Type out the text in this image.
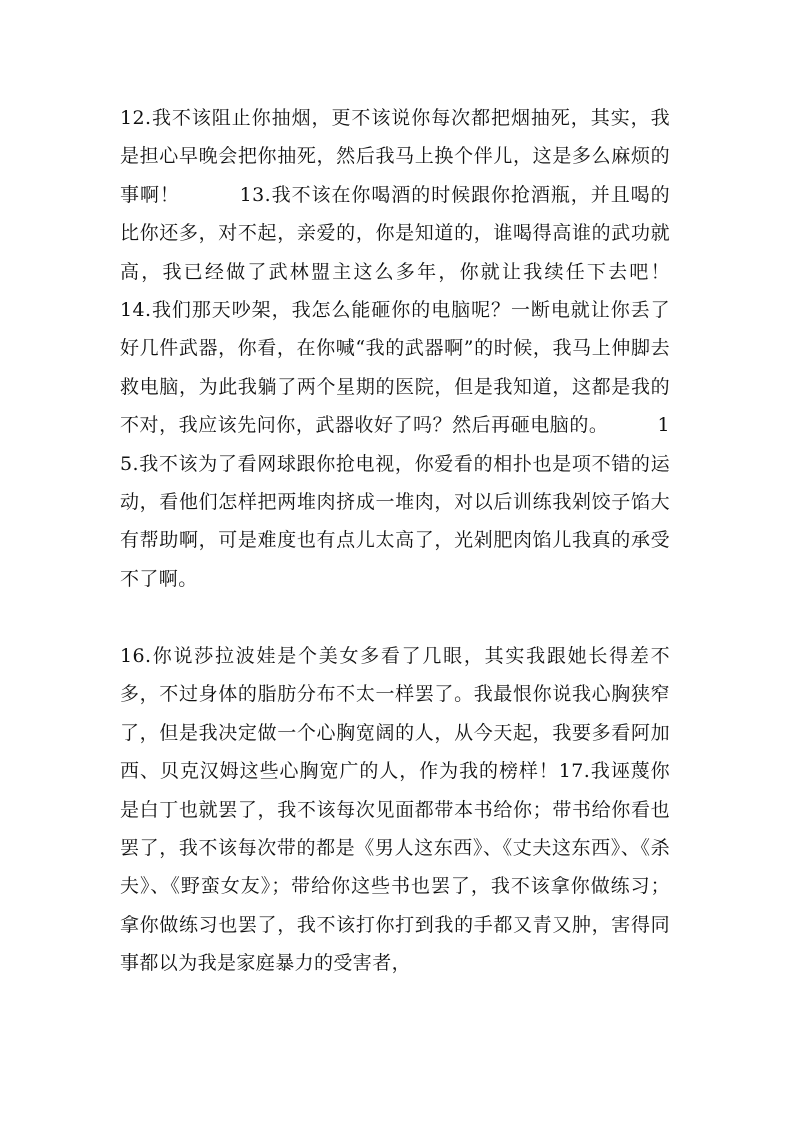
12.我不该阻止你抽烟，更不该说你每次都把烟抽死，其实，我是担心早晚会把你抽死，然后我马上换个伴儿，这是多么麻烦的事啊！　　　13.我不该在你喝酒的时候跟你抢酒瓶，并且喝的比你还多，对不起，亲爱的，你是知道的，谁喝得高谁的武功就高，我已经做了武林盟主这么多年，你就让我续任下去吧！　　　14.我们那天吵架，我怎么能砸你的电脑呢？一断电就让你丢了好几件武器，你看，在你喊“我的武器啊”的时候，我马上伸脚去救电脑，为此我躺了两个星期的医院，但是我知道，这都是我的不对，我应该先问你，武器收好了吗？然后再砸电脑的。　　　15.我不该为了看网球跟你抢电视，你爱看的相扑也是项不错的运动，看他们怎样把两堆肉挤成一堆肉，对以后训练我剁饺子馅大有帮助啊，可是难度也有点儿太高了，光剁肥肉馅儿我真的承受不了啊。

16.你说莎拉波娃是个美女多看了几眼，其实我跟她长得差不多，不过身体的脂肪分布不太一样罢了。我最恨你说我心胸狭窄了，但是我决定做一个心胸宽阔的人，从今天起，我要多看阿加西、贝克汉姆这些心胸宽广的人，作为我的榜样！17.我诬蔑你是白丁也就罢了，我不该每次见面都带本书给你；带书给你看也罢了，我不该每次带的都是《男人这东西》、《丈夫这东西》、《杀夫》、《野蛮女友》；带给你这些书也罢了，我不该拿你做练习；拿你做练习也罢了，我不该打你打到我的手都又青又肿，害得同事都以为我是家庭暴力的受害者，
